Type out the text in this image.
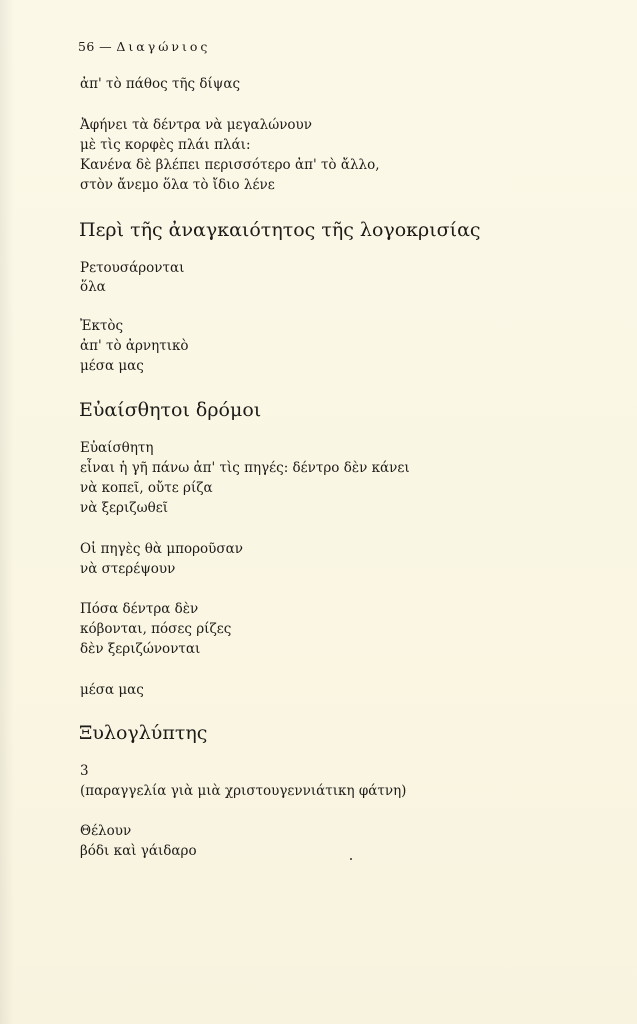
56 — Διαγώνιος
ἀπ' τὸ πάθος τῆς δίψας
Ἀφήνει τὰ δέντρα νὰ μεγαλώνουν
μὲ τὶς κορφὲς πλάι πλάι:
Κανένα δὲ βλέπει περισσότερο ἀπ' τὸ ἄλλο,
στὸν ἄνεμο ὅλα τὸ ἴδιο λένε
Περὶ τῆς ἀναγκαιότητος τῆς λογοκρισίας
Ρετουσάρονται
ὅλα
Ἐκτὸς
ἀπ' τὸ ἀρνητικὸ
μέσα μας
Εὐαίσθητοι δρόμοι
Εὐαίσθητη
εἶναι ἡ γῆ πάνω ἀπ' τὶς πηγές: δέντρο δὲν κάνει
νὰ κοπεῖ, οὔτε ρίζα
νὰ ξεριζωθεῖ
Οἱ πηγὲς θὰ μποροῦσαν
νὰ στερέψουν
Πόσα δέντρα δὲν
κόβονται, πόσες ρίζες
δὲν ξεριζώνονται
μέσα μας
Ξυλογλύπτης
3
(παραγγελία γιὰ μιὰ χριστουγεννιάτικη φάτνη)
Θέλουν
βόδι καὶ γάιδαρο
